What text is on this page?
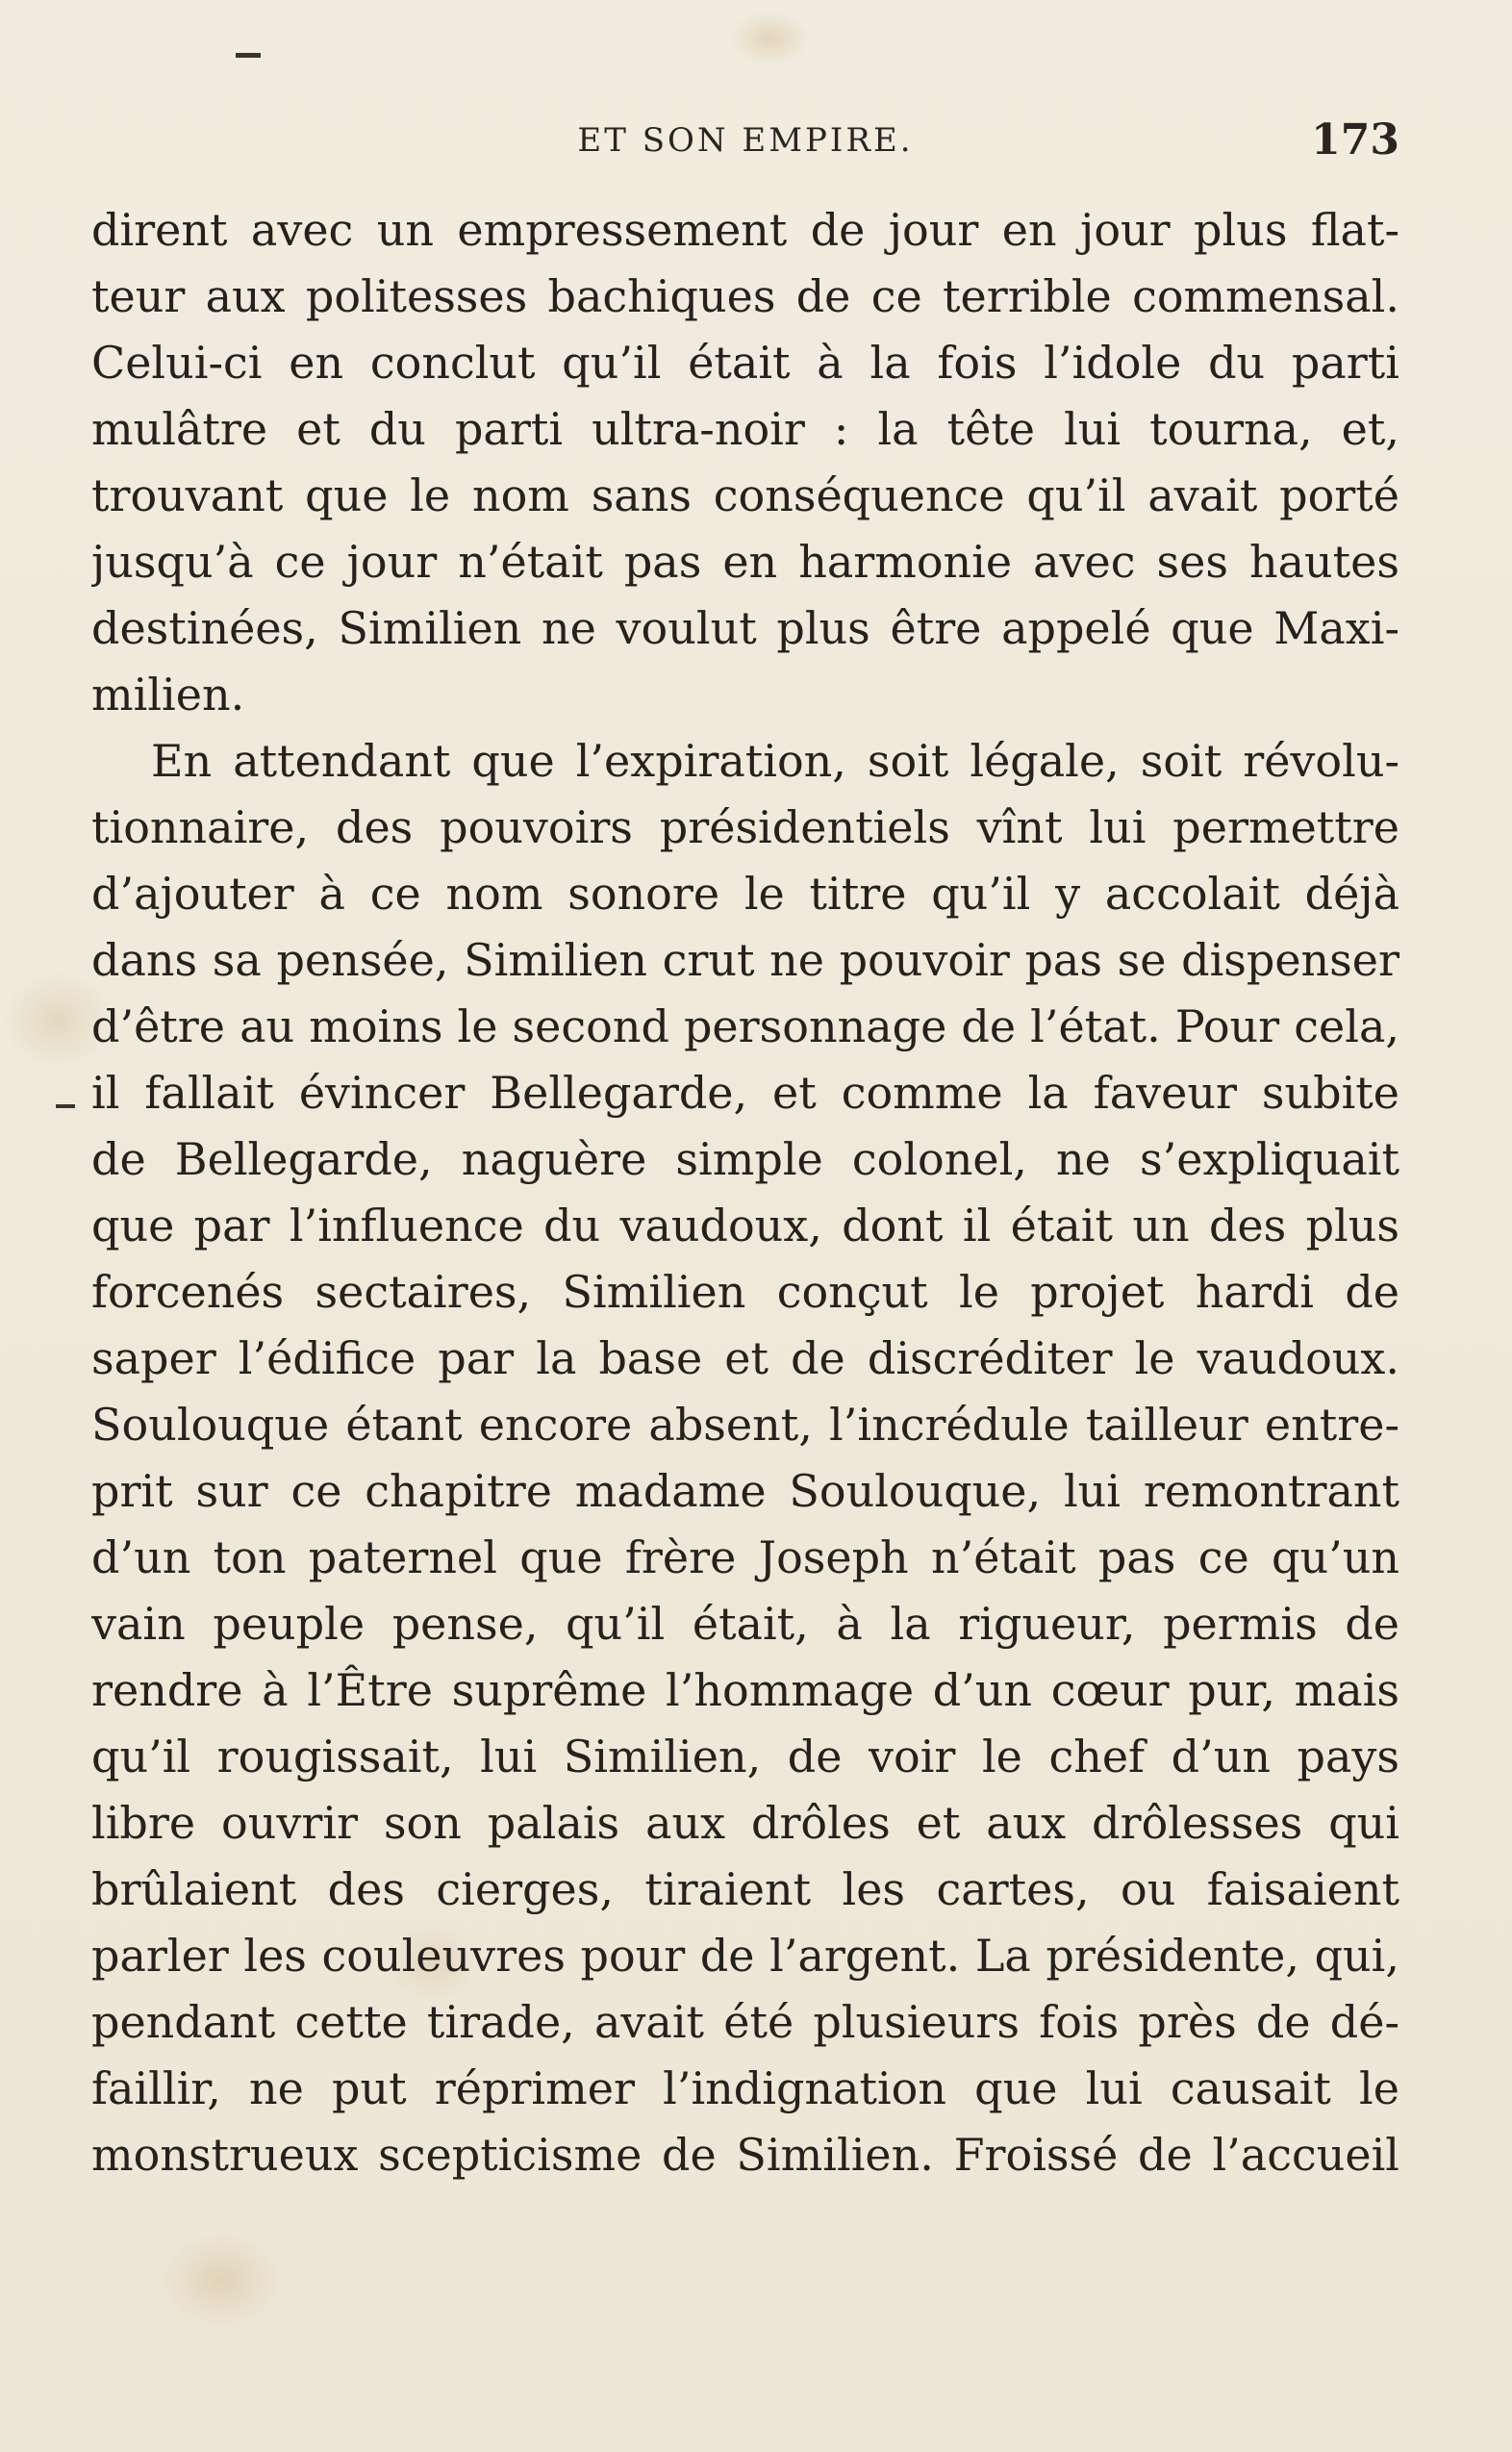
ET SON EMPIRE.	173
dirent avec un empressement de jour en jour plus flat-
teur aux politesses bachiques de ce terrible commensal.
Celui-ci en conclut qu’il était à la fois l’idole du parti
mulâtre et du parti ultra-noir : la tête lui tourna, et,
trouvant que le nom sans conséquence qu’il avait porté
jusqu’à ce jour n’était pas en harmonie avec ses hautes
destinées, Similien ne voulut plus être appelé que Maxi-
milien.
En attendant que l’expiration, soit légale, soit révolu-
tionnaire, des pouvoirs présidentiels vînt lui permettre
d’ajouter à ce nom sonore le titre qu’il y accolait déjà
dans sa pensée, Similien crut ne pouvoir pas se dispenser
d’être au moins le second personnage de l’état. Pour cela,
il fallait évincer Bellegarde, et comme la faveur subite
de Bellegarde, naguère simple colonel, ne s’expliquait
que par l’influence du vaudoux, dont il était un des plus
forcenés sectaires, Similien conçut le projet hardi de
saper l’édifice par la base et de discréditer le vaudoux.
Soulouque étant encore absent, l’incrédule tailleur entre-
prit sur ce chapitre madame Soulouque, lui remontrant
d’un ton paternel que frère Joseph n’était pas ce qu’un
vain peuple pense, qu’il était, à la rigueur, permis de
rendre à l’Être suprême l’hommage d’un cœur pur, mais
qu’il rougissait, lui Similien, de voir le chef d’un pays
libre ouvrir son palais aux drôles et aux drôlesses qui
brûlaient des cierges, tiraient les cartes, ou faisaient
parler les couleuvres pour de l’argent. La présidente, qui,
pendant cette tirade, avait été plusieurs fois près de dé-
faillir, ne put réprimer l’indignation que lui causait le
monstrueux scepticisme de Similien. Froissé de l’accueil
